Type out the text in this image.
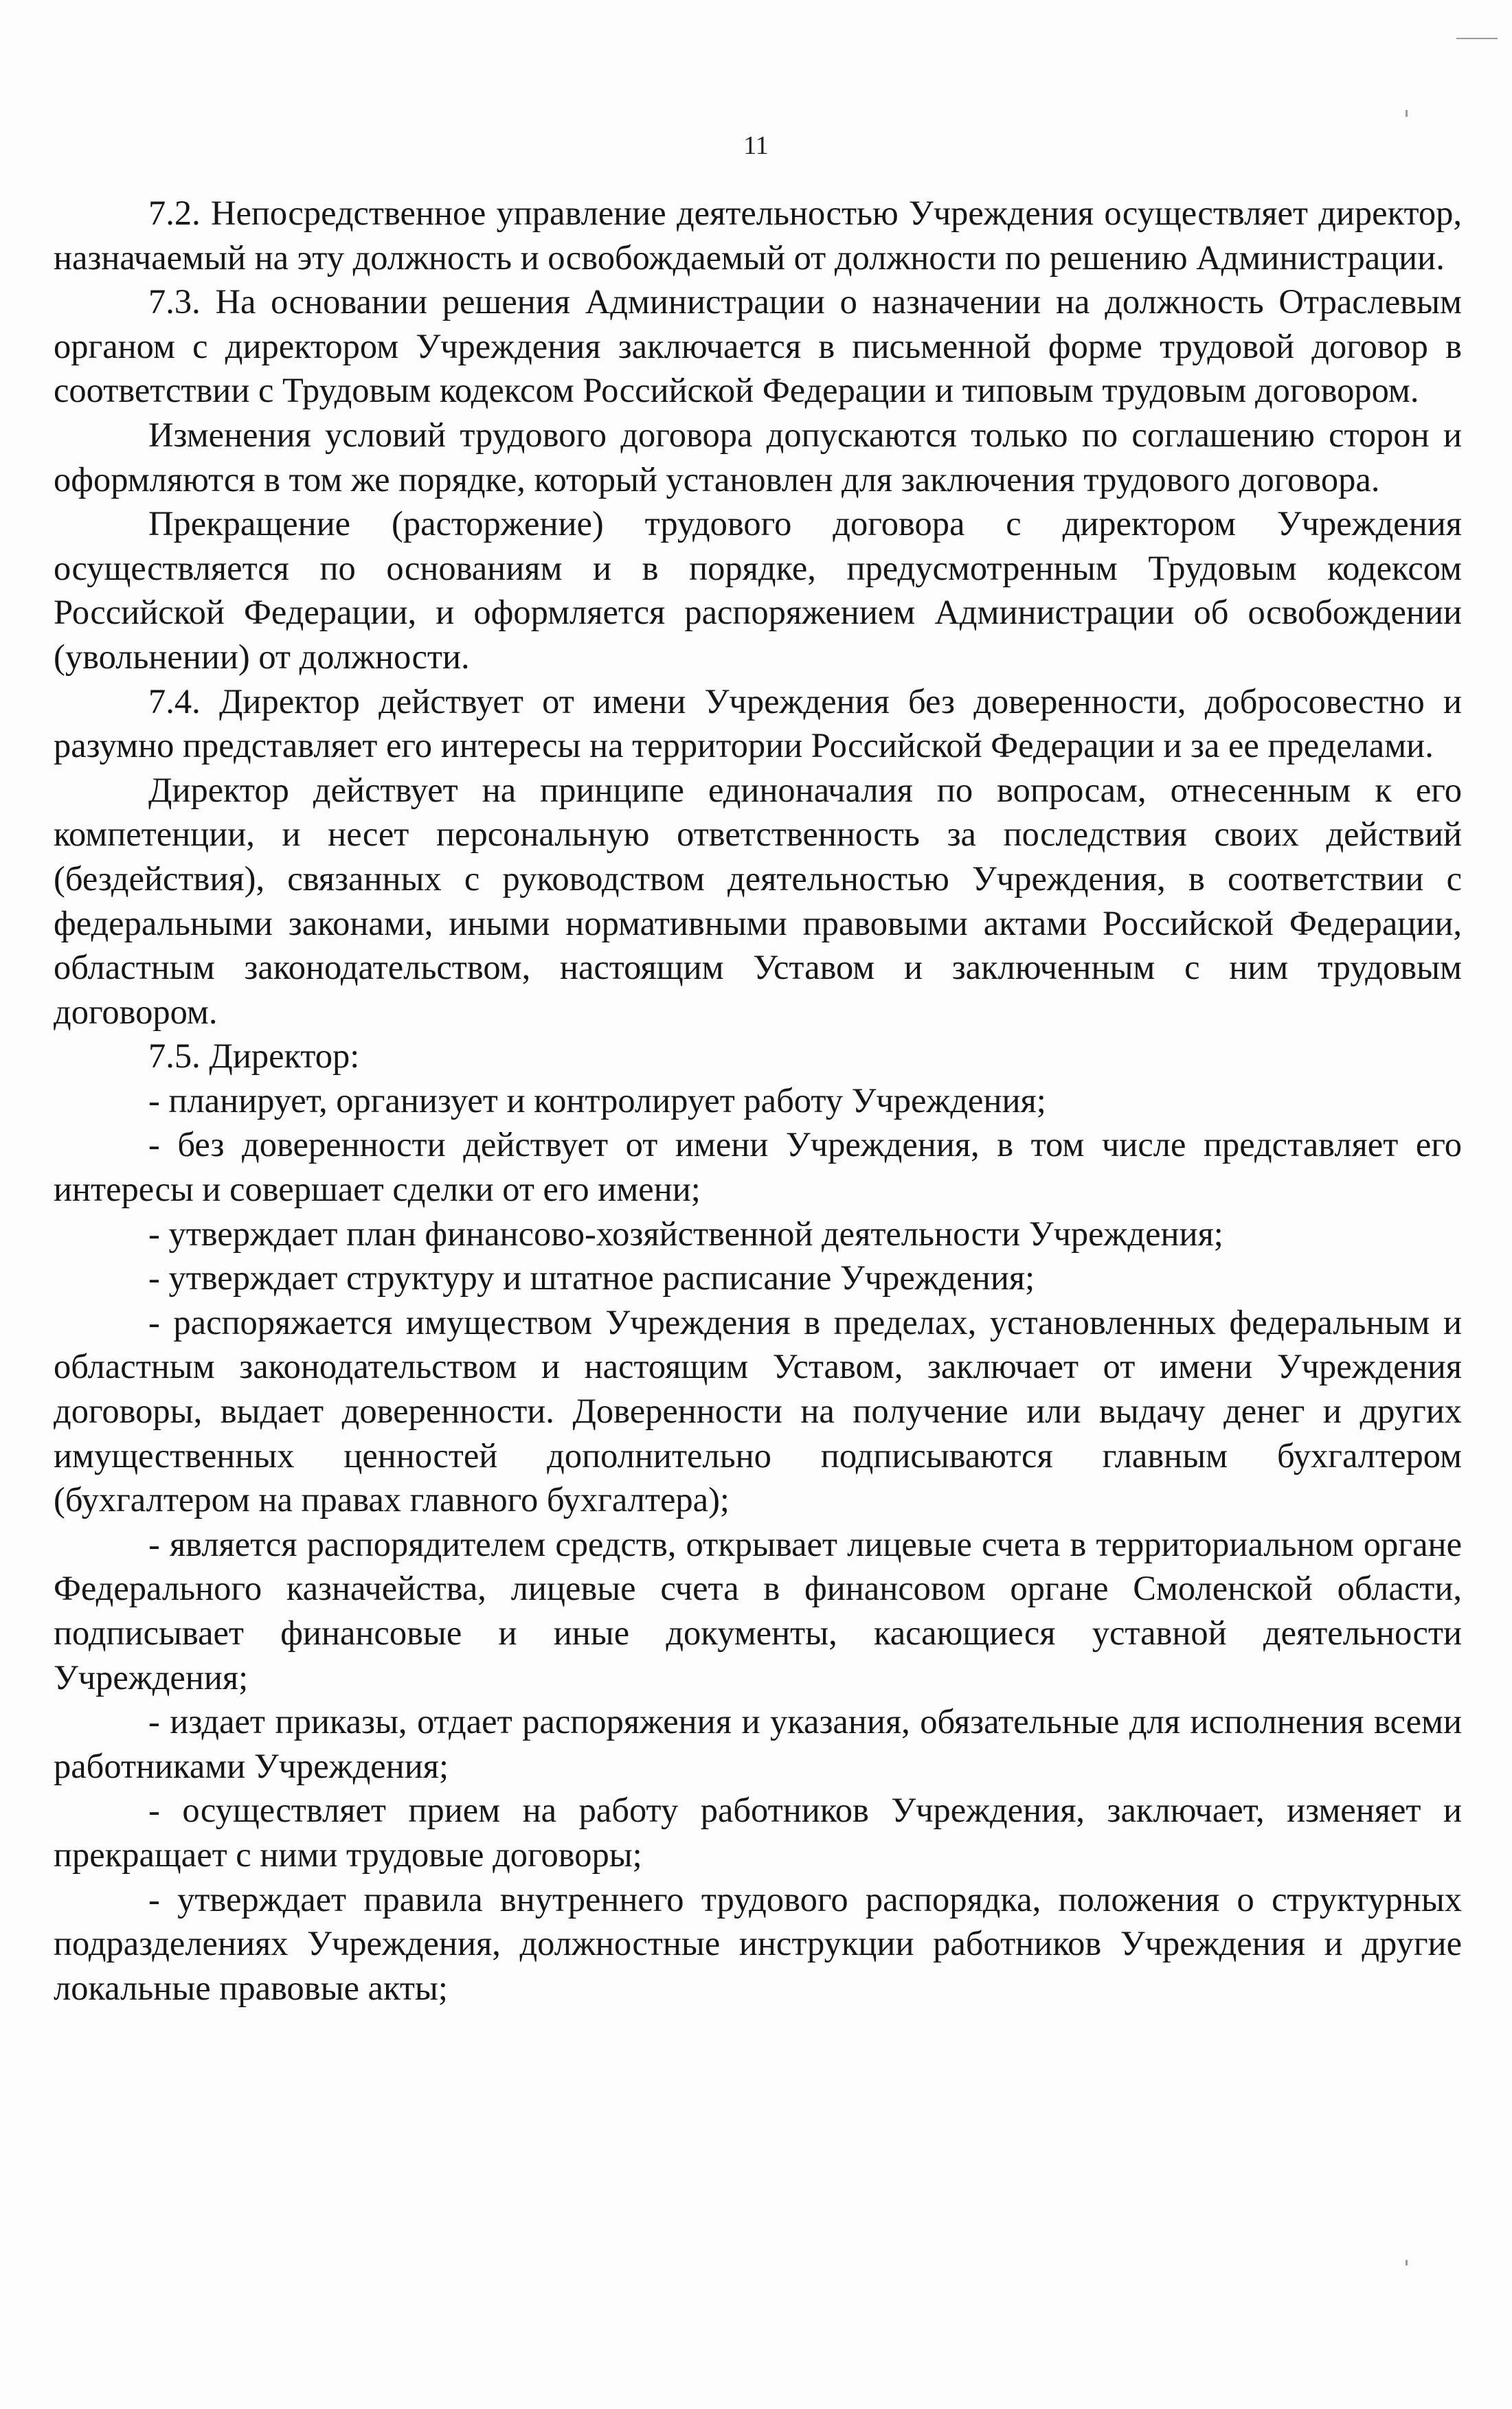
11

7.2. Непосредственное управление деятельностью Учреждения осуществляет директор, назначаемый на эту должность и освобождаемый от должности по решению Администрации.

7.3. На основании решения Администрации о назначении на должность Отраслевым органом с директором Учреждения заключается в письменной форме трудовой договор в соответствии с Трудовым кодексом Российской Федерации и типовым трудовым договором.

Изменения условий трудового договора допускаются только по соглашению сторон и оформляются в том же порядке, который установлен для заключения трудового договора.

Прекращение (расторжение) трудового договора с директором Учреждения осуществляется по основаниям и в порядке, предусмотренным Трудовым кодексом Российской Федерации, и оформляется распоряжением Администрации об освобождении (увольнении) от должности.

7.4. Директор действует от имени Учреждения без доверенности, добросовестно и разумно представляет его интересы на территории Российской Федерации и за ее пределами.

Директор действует на принципе единоначалия по вопросам, отнесенным к его компетенции, и несет персональную ответственность за последствия своих действий (бездействия), связанных с руководством деятельностью Учреждения, в соответствии с федеральными законами, иными нормативными правовыми актами Российской Федерации, областным законодательством, настоящим Уставом и заключенным с ним трудовым договором.

7.5. Директор:

- планирует, организует и контролирует работу Учреждения;

- без доверенности действует от имени Учреждения, в том числе представляет его интересы и совершает сделки от его имени;

- утверждает план финансово-хозяйственной деятельности Учреждения;

- утверждает структуру и штатное расписание Учреждения;

- распоряжается имуществом Учреждения в пределах, установленных федеральным и областным законодательством и настоящим Уставом, заключает от имени Учреждения договоры, выдает доверенности. Доверенности на получение или выдачу денег и других имущественных ценностей дополнительно подписываются главным бухгалтером (бухгалтером на правах главного бухгалтера);

- является распорядителем средств, открывает лицевые счета в территориальном органе Федерального казначейства, лицевые счета в финансовом органе Смоленской области, подписывает финансовые и иные документы, касающиеся уставной деятельности Учреждения;

- издает приказы, отдает распоряжения и указания, обязательные для исполнения всеми работниками Учреждения;

- осуществляет прием на работу работников Учреждения, заключает, изменяет и прекращает с ними трудовые договоры;

- утверждает правила внутреннего трудового распорядка, положения о структурных подразделениях Учреждения, должностные инструкции работников Учреждения и другие локальные правовые акты;
